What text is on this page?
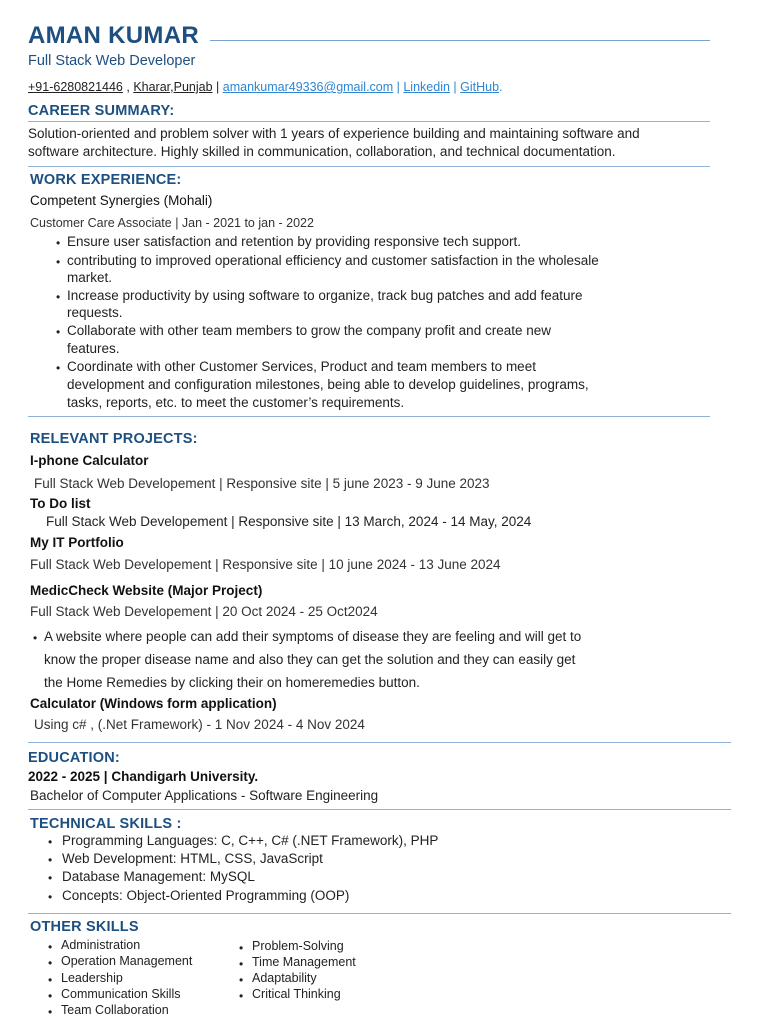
AMAN KUMAR
Full Stack Web Developer
+91-6280821446 , Kharar,Punjab | amankumar49336@gmail.com | Linkedin | GitHub.
CAREER SUMMARY:
Solution-oriented and problem solver with 1 years of experience building and maintaining software and
software architecture. Highly skilled in communication, collaboration, and technical documentation.
WORK EXPERIENCE:
Competent Synergies (Mohali)
Customer Care Associate | Jan - 2021 to jan - 2022
• Ensure user satisfaction and retention by providing responsive tech support.
• contributing to improved operational efficiency and customer satisfaction in the wholesale
market.
• Increase productivity by using software to organize, track bug patches and add feature
requests.
• Collaborate with other team members to grow the company profit and create new
features.
• Coordinate with other Customer Services, Product and team members to meet
development and configuration milestones, being able to develop guidelines, programs,
tasks, reports, etc. to meet the customer’s requirements.
RELEVANT PROJECTS:
I-phone Calculator
Full Stack Web Developement | Responsive site | 5 june 2023 - 9 June 2023
To Do list
Full Stack Web Developement | Responsive site | 13 March, 2024 - 14 May, 2024
My IT Portfolio
Full Stack Web Developement | Responsive site | 10 june 2024 - 13 June 2024
MedicCheck Website (Major Project)
Full Stack Web Developement | 20 Oct 2024 - 25 Oct2024
• A website where people can add their symptoms of disease they are feeling and will get to
know the proper disease name and also they can get the solution and they can easily get
the Home Remedies by clicking their on homeremedies button.
Calculator (Windows form application)
Using c# , (.Net Framework) - 1 Nov 2024 - 4 Nov 2024
EDUCATION:
2022 - 2025 | Chandigarh University.
Bachelor of Computer Applications - Software Engineering
TECHNICAL SKILLS :
• Programming Languages: C, C++, C# (.NET Framework), PHP
• Web Development: HTML, CSS, JavaScript
• Database Management: MySQL
• Concepts: Object-Oriented Programming (OOP)
OTHER SKILLS
• Administration
• Operation Management
• Leadership
• Communication Skills
• Team Collaboration
• Problem-Solving
• Time Management
• Adaptability
• Critical Thinking
